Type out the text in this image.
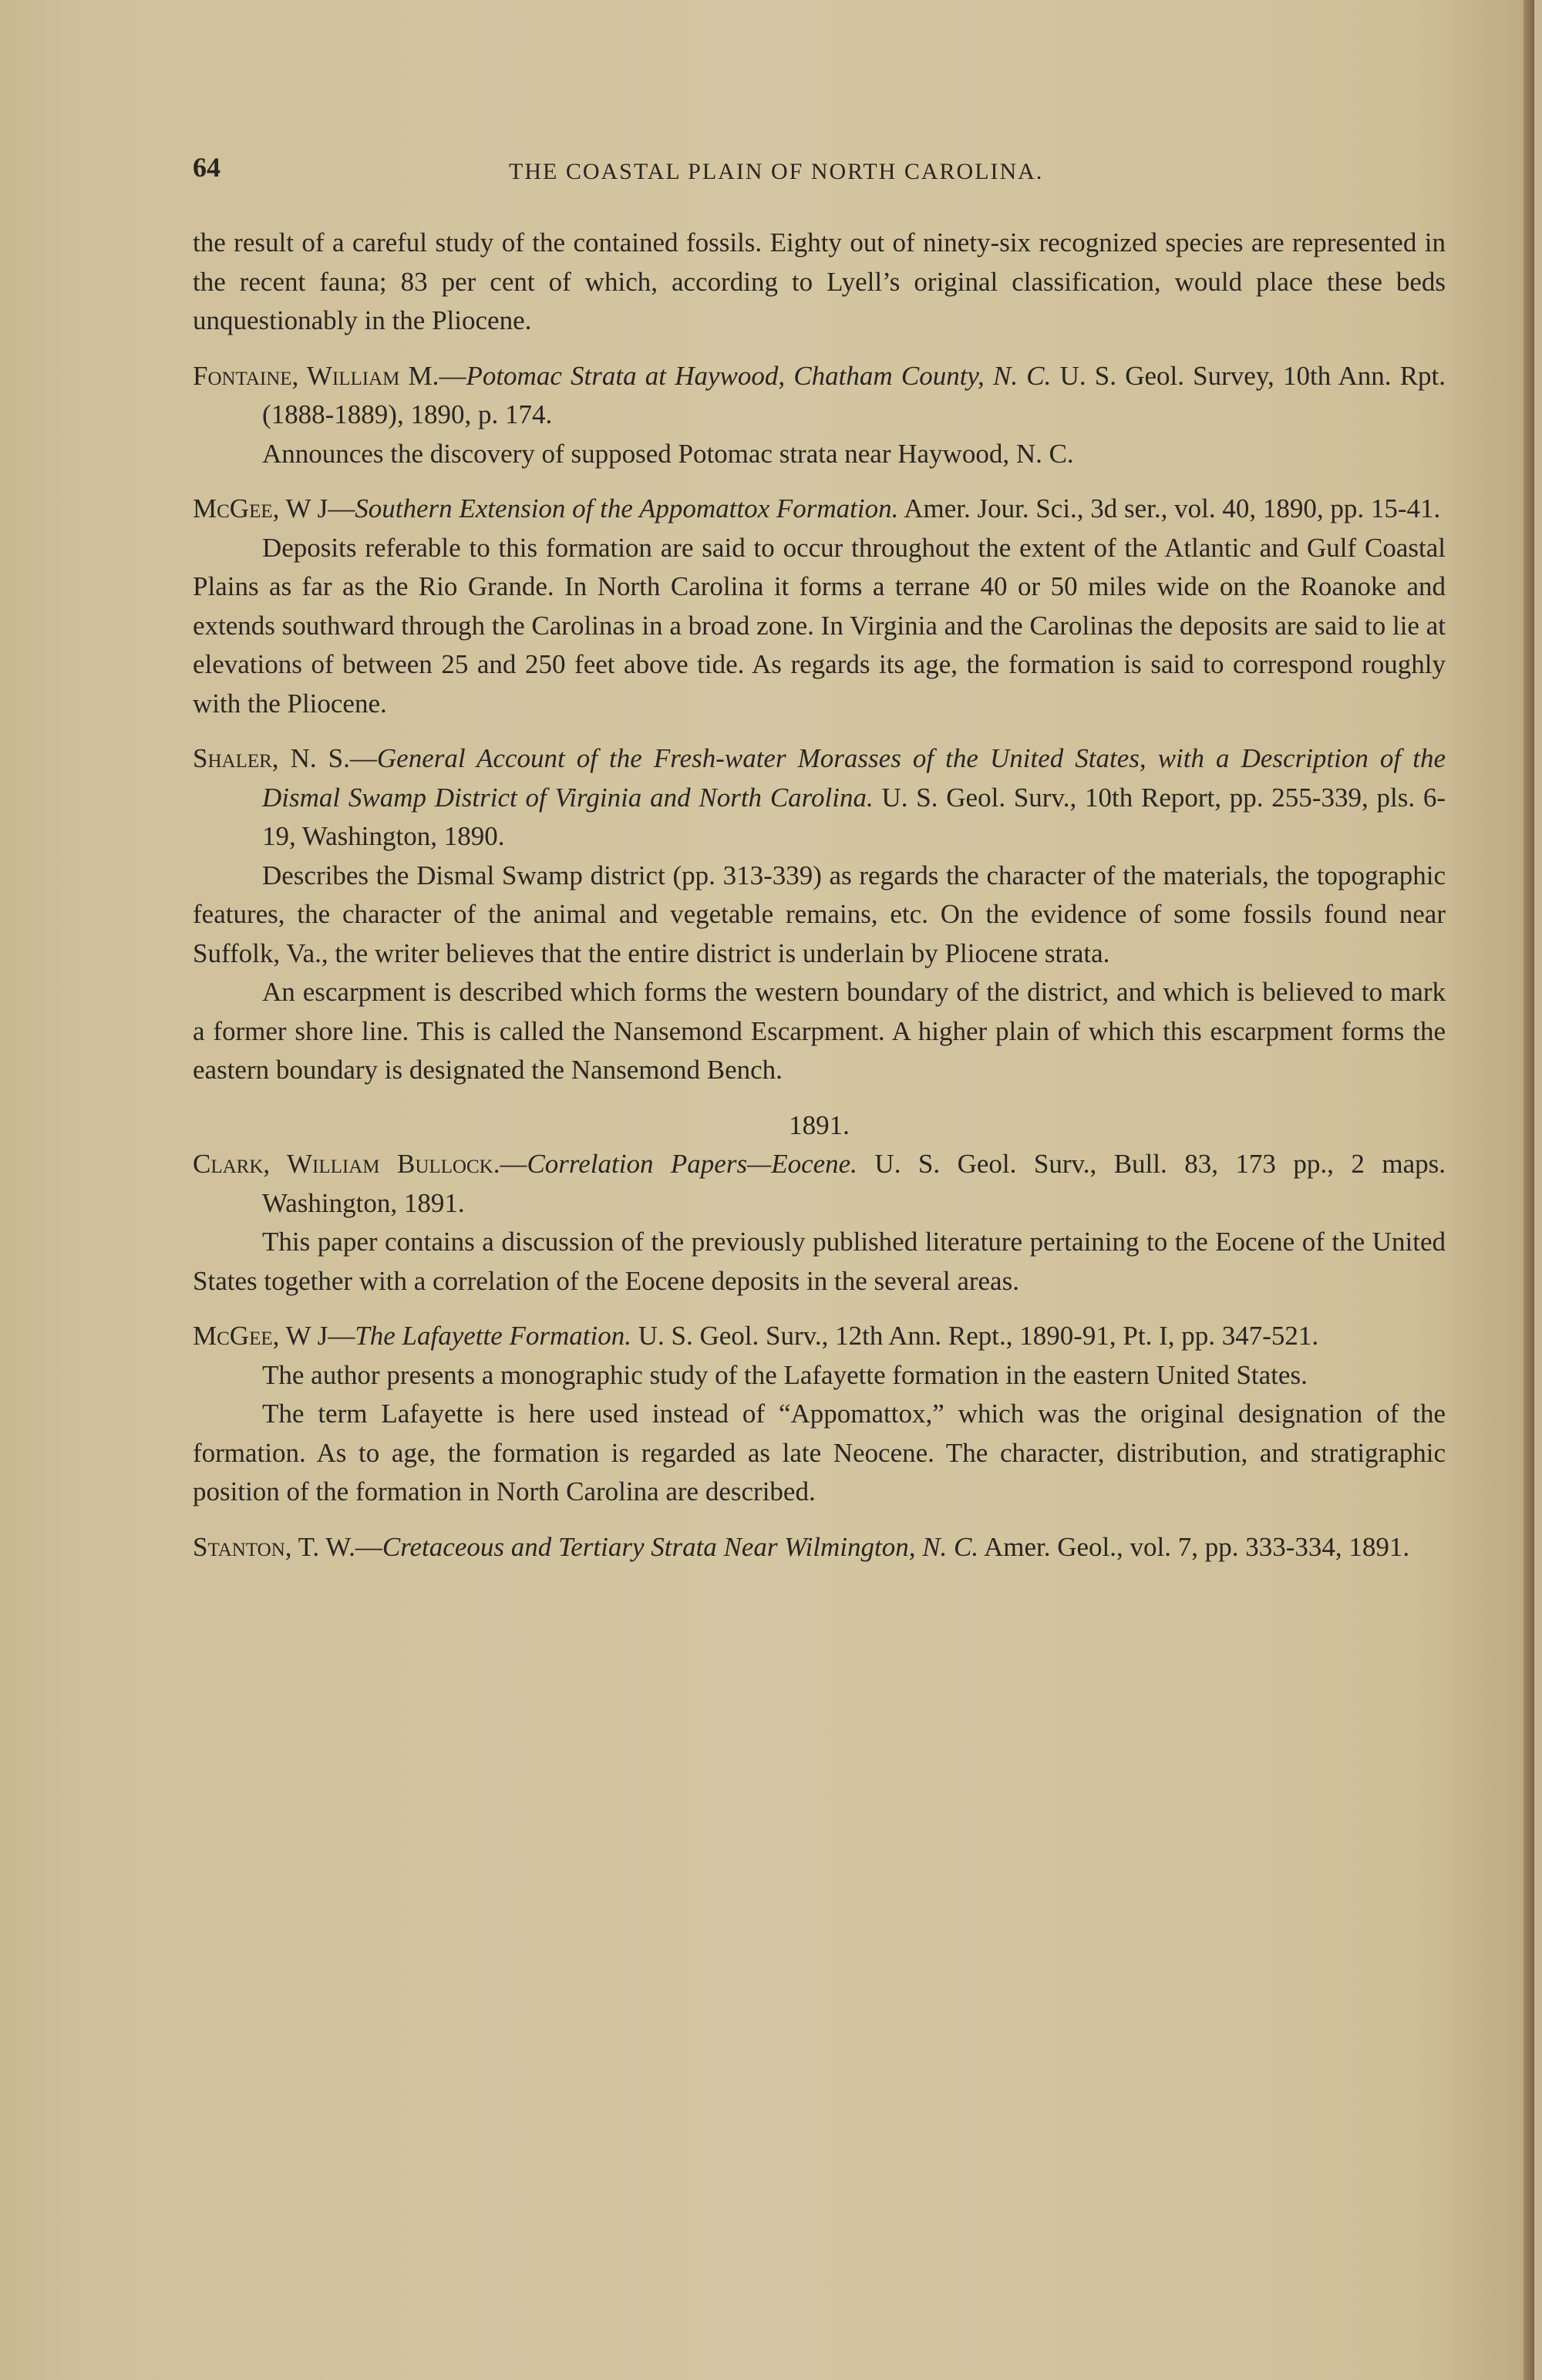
64	THE COASTAL PLAIN OF NORTH CAROLINA.

the result of a careful study of the contained fossils. Eighty out of ninety-six recognized species are represented in the recent fauna; 83 per cent of which, according to Lyell’s original classification, would place these beds unquestionably in the Pliocene.

Fontaine, William M.—Potomac Strata at Haywood, Chatham County, N. C. U. S. Geol. Survey, 10th Ann. Rpt. (1888-1889), 1890, p. 174.

Announces the discovery of supposed Potomac strata near Haywood, N. C.

McGee, W J—Southern Extension of the Appomattox Formation. Amer. Jour. Sci., 3d ser., vol. 40, 1890, pp. 15-41.

Deposits referable to this formation are said to occur throughout the extent of the Atlantic and Gulf Coastal Plains as far as the Rio Grande. In North Carolina it forms a terrane 40 or 50 miles wide on the Roanoke and extends southward through the Carolinas in a broad zone. In Virginia and the Carolinas the deposits are said to lie at elevations of between 25 and 250 feet above tide. As regards its age, the formation is said to correspond roughly with the Pliocene.

Shaler, N. S.—General Account of the Fresh-water Morasses of the United States, with a Description of the Dismal Swamp District of Virginia and North Carolina. U. S. Geol. Surv., 10th Report, pp. 255-339, pls. 6-19, Washington, 1890.

Describes the Dismal Swamp district (pp. 313-339) as regards the character of the materials, the topographic features, the character of the animal and vegetable remains, etc. On the evidence of some fossils found near Suffolk, Va., the writer believes that the entire district is underlain by Pliocene strata.

An escarpment is described which forms the western boundary of the district, and which is believed to mark a former shore line. This is called the Nansemond Escarpment. A higher plain of which this escarpment forms the eastern boundary is designated the Nansemond Bench.

1891.

Clark, William Bullock.—Correlation Papers—Eocene. U. S. Geol. Surv., Bull. 83, 173 pp., 2 maps. Washington, 1891.

This paper contains a discussion of the previously published literature pertaining to the Eocene of the United States together with a correlation of the Eocene deposits in the several areas.

McGee, W J—The Lafayette Formation. U. S. Geol. Surv., 12th Ann. Rept., 1890-91, Pt. I, pp. 347-521.

The author presents a monographic study of the Lafayette formation in the eastern United States.

The term Lafayette is here used instead of “Appomattox,” which was the original designation of the formation. As to age, the formation is regarded as late Neocene. The character, distribution, and stratigraphic position of the formation in North Carolina are described.

Stanton, T. W.—Cretaceous and Tertiary Strata Near Wilmington, N. C. Amer. Geol., vol. 7, pp. 333-334, 1891.
